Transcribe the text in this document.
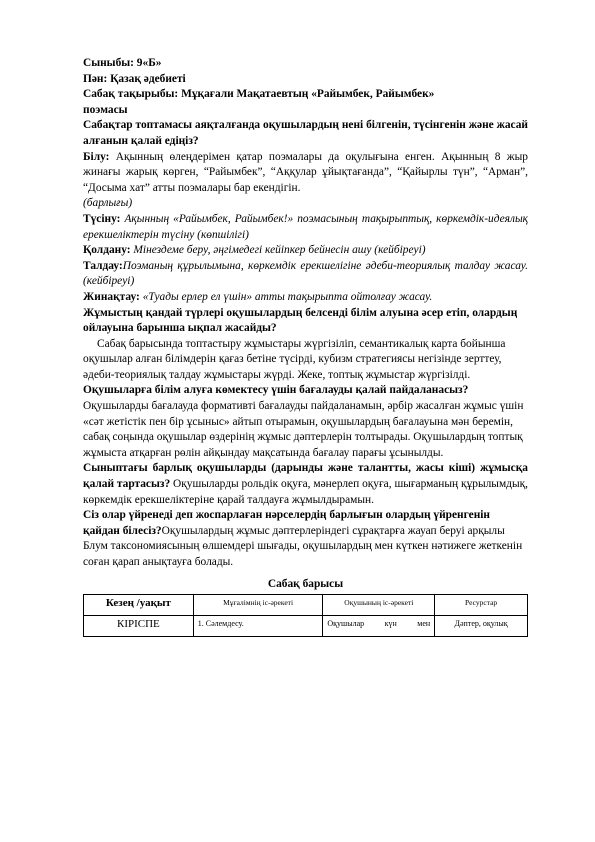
Сыныбы: 9«Б»

Пән: Қазақ әдебиеті

Сабақ тақырыбы: Мұқағали Мақатаевтың «Райымбек, Райымбек»
поэмасы

Сабақтар топтамасы аяқталғанда оқушылардың нені білгенін, түсінгенін және жасай алғанын қалай едіңіз?

Білу: Ақынның өлеңдерімен қатар поэмалары да оқулығына енген. Ақынның 8 жыр жинағы жарық көрген, “Райымбек”, “Аққулар ұйықтағанда”, “Қайырлы түн”, “Арман”, “Досыма хат” атты поэмалары бар екендігін.
(барлығы)

Түсіну: Ақынның «Райымбек, Райымбек!» поэмасының тақырыптық, көркемдік-идеялық ерекшеліктерін түсіну (көпшілігі)

Қолдану: Мінездеме беру, әңгімедегі кейіпкер бейнесін ашу (кейбіреуі)

Талдау:Поэманың құрылымына, көркемдік ерекшелігіне әдеби-теориялық талдау жасау. (кейбіреуі)

Жинақтау: «Туады ерлер ел үшін» атты тақырыпта ойтолғау жасау.

Жұмыстың қандай түрлері оқушылардың белсенді білім алуына әсер етіп, олардың ойлауына барынша ықпал жасайды?

Сабақ барысында топтастыру жұмыстары жүргізіліп, семантикалық карта бойынша оқушылар алған білімдерін қағаз бетіне түсірді, кубизм стратегиясы негізінде зерттеу, әдеби-теориялық талдау жұмыстары жүрді. Жеке, топтық жұмыстар жүргізілді.

Оқушыларға білім алуға көмектесу үшін бағалауды қалай пайдаланасыз?

Оқушыларды бағалауда формативті бағалауды пайдаланамын, әрбір жасалған жұмыс үшін «сәт жетістік пен бір ұсыныс» айтып отырамын, оқушылардың бағалауына мән беремін, сабақ соңында оқушылар өздерінің жұмыс дәптерлерін толтырады. Оқушылардың топтық жұмыста атқарған рөлін айқындау мақсатында бағалау парағы ұсынылды.

Сыныптағы барлық оқушыларды (дарынды және талантты, жасы кіші) жұмысқа қалай тартасыз? Оқушыларды рольдік оқуға, мәнерлеп оқуға, шығарманың құрылымдық, көркемдік ерекшеліктеріне қарай талдауға жұмылдырамын.

Сіз олар үйренеді деп жоспарлаған нәрселердің барлығын олардың үйренгенін қайдан білесіз?Оқушылардың жұмыс дәптерлеріндегі сұрақтарға жауап беруі арқылы Блум таксономиясының өлшемдері шығады, оқушылардың мен күткен нәтижеге жеткенін соған қарап анықтауға болады.

Сабақ барысы

Кезең /уақыт	Мұғалімнің іс-әрекеті	Оқушының іс-әрекеті	Ресурстар
КІРІСПЕ	1. Сәлемдесу.	Оқушылар күн мен	Дәптер, оқулық
